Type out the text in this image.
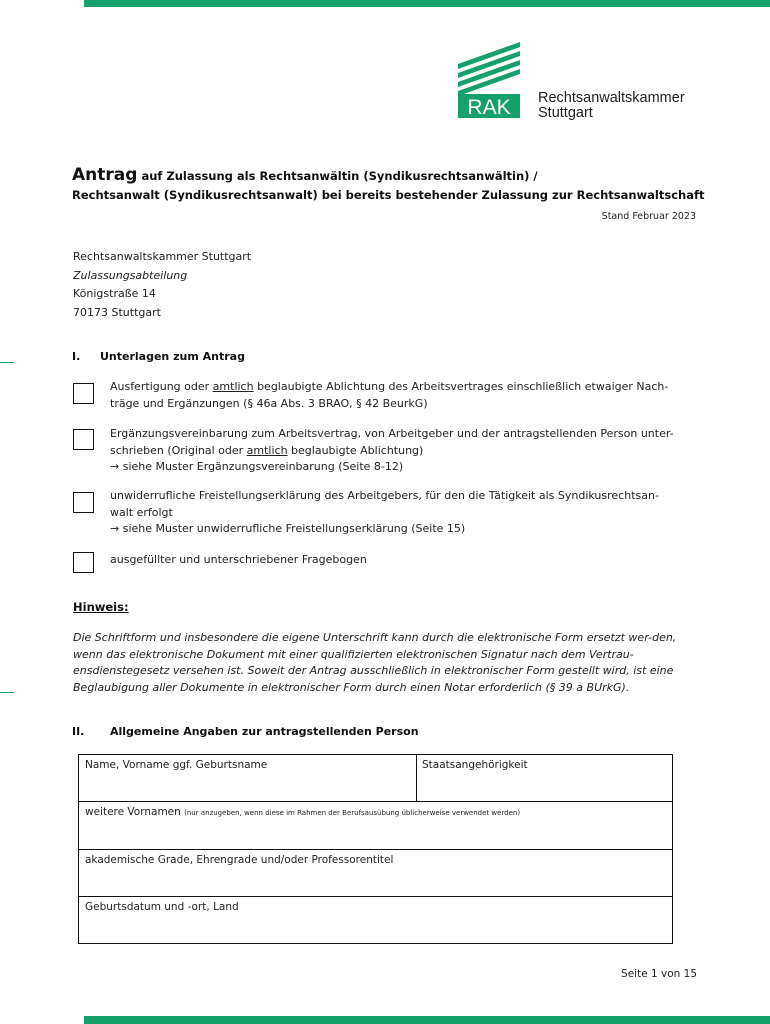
RAK Rechtsanwaltskammer
Stuttgart
Antrag auf Zulassung als Rechtsanwältin (Syndikusrechtsanwältin) /
Rechtsanwalt (Syndikusrechtsanwalt) bei bereits bestehender Zulassung zur Rechtsanwaltschaft
Stand Februar 2023
Rechtsanwaltskammer Stuttgart
Zulassungsabteilung
Königstraße 14
70173 Stuttgart
I. Unterlagen zum Antrag
Ausfertigung oder amtlich beglaubigte Ablichtung des Arbeitsvertrages einschließlich etwaiger Nach-
träge und Ergänzungen (§ 46a Abs. 3 BRAO, § 42 BeurkG)
Ergänzungsvereinbarung zum Arbeitsvertrag, von Arbeitgeber und der antragstellenden Person unter-
schrieben (Original oder amtlich beglaubigte Ablichtung)
→ siehe Muster Ergänzungsvereinbarung (Seite 8-12)
unwiderrufliche Freistellungserklärung des Arbeitgebers, für den die Tätigkeit als Syndikusrechtsan-
walt erfolgt
→ siehe Muster unwiderrufliche Freistellungserklärung (Seite 15)
ausgefüllter und unterschriebener Fragebogen
Hinweis:
Die Schriftform und insbesondere die eigene Unterschrift kann durch die elektronische Form ersetzt wer-den, wenn das elektronische Dokument mit einer qualifizierten elektronischen Signatur nach dem Vertrau-ensdienstegesetz versehen ist. Soweit der Antrag ausschließlich in elektronischer Form gestellt wird, ist eine Beglaubigung aller Dokumente in elektronischer Form durch einen Notar erforderlich (§ 39 a BUrkG).
II. Allgemeine Angaben zur antragstellenden Person
Name, Vorname ggf. Geburtsname	Staatsangehörigkeit
weitere Vornamen (nur anzugeben, wenn diese im Rahmen der Berufsausübung üblicherweise verwendet werden)
akademische Grade, Ehrengrade und/oder Professorentitel
Geburtsdatum und -ort, Land
Seite 1 von 15
